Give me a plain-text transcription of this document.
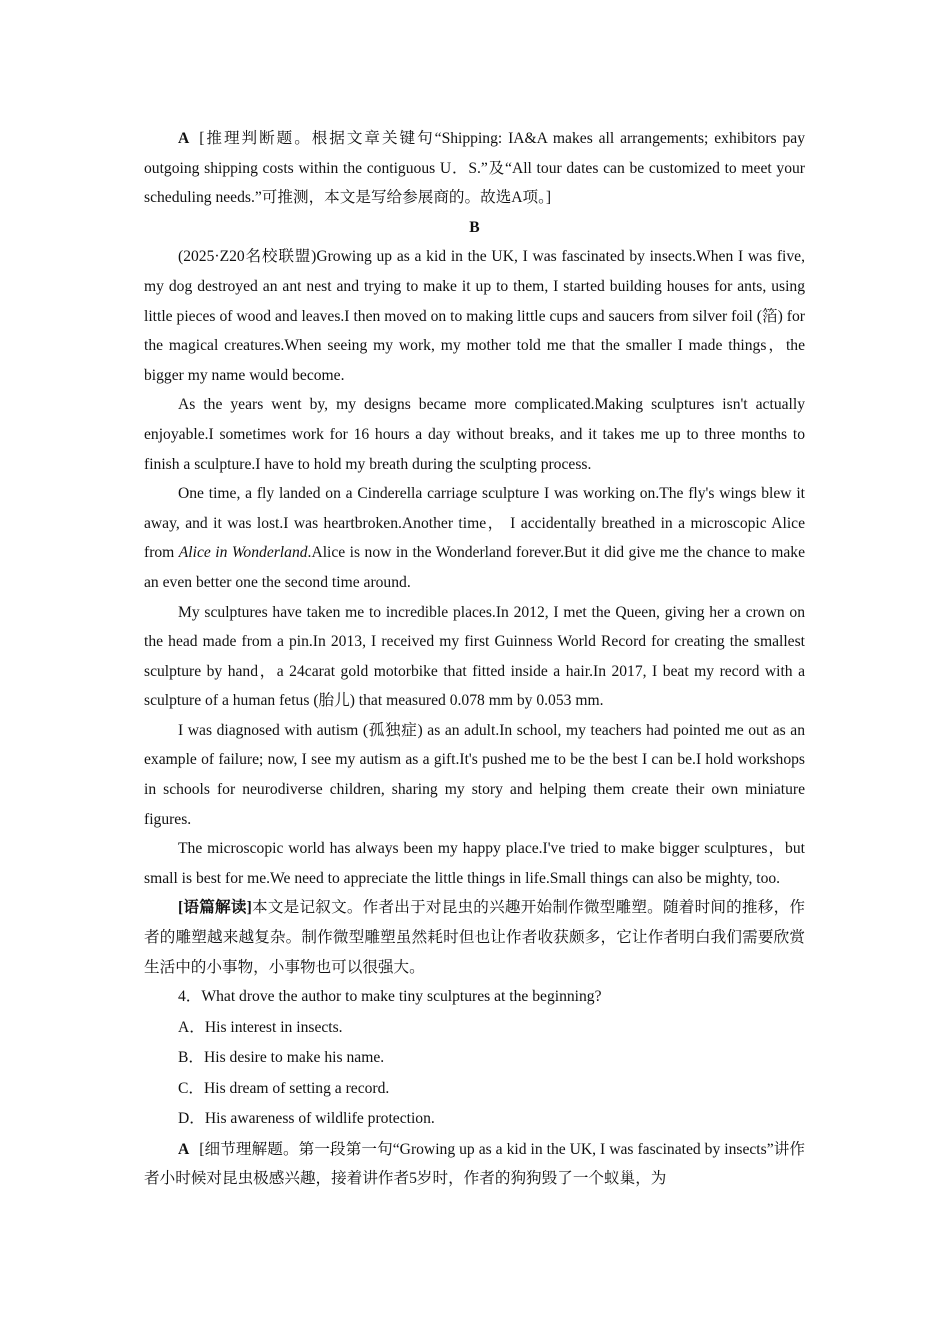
A [推理判断题。根据文章关键句“Shipping: IA&A makes all arrangements; exhibitors pay outgoing shipping costs within the contiguous U．S.”及“All tour dates can be customized to meet your scheduling needs.”可推测，本文是写给参展商的。故选A项。]

B

(2025·Z20名校联盟)Growing up as a kid in the UK, I was fascinated by insects.When I was five, my dog destroyed an ant nest and trying to make it up to them, I started building houses for ants, using little pieces of wood and leaves.I then moved on to making little cups and saucers from silver foil (箔) for the magical creatures.When seeing my work, my mother told me that the smaller I made things，the bigger my name would become.

As the years went by, my designs became more complicated.Making sculptures isn't actually enjoyable.I sometimes work for 16 hours a day without breaks, and it takes me up to three months to finish a sculpture.I have to hold my breath during the sculpting process.

One time, a fly landed on a Cinderella carriage sculpture I was working on.The fly's wings blew it away, and it was lost.I was heartbroken.Another time， I accidentally breathed in a microscopic Alice from Alice in Wonderland.Alice is now in the Wonderland forever.But it did give me the chance to make an even better one the second time around.

My sculptures have taken me to incredible places.In 2012, I met the Queen, giving her a crown on the head made from a pin.In 2013, I received my first Guinness World Record for creating the smallest sculpture by hand，a 24carat gold motorbike that fitted inside a hair.In 2017, I beat my record with a sculpture of a human fetus (胎儿) that measured 0.078 mm by 0.053 mm.

I was diagnosed with autism (孤独症) as an adult.In school, my teachers had pointed me out as an example of failure; now, I see my autism as a gift.It's pushed me to be the best I can be.I hold workshops in schools for neurodiverse children, sharing my story and helping them create their own miniature figures.

The microscopic world has always been my happy place.I've tried to make bigger sculptures，but small is best for me.We need to appreciate the little things in life.Small things can also be mighty, too.

[语篇解读]本文是记叙文。作者出于对昆虫的兴趣开始制作微型雕塑。随着时间的推移，作者的雕塑越来越复杂。制作微型雕塑虽然耗时但也让作者收获颇多，它让作者明白我们需要欣赏生活中的小事物，小事物也可以很强大。

4．What drove the author to make tiny sculptures at the beginning?

A．His interest in insects.

B．His desire to make his name.

C．His dream of setting a record.

D．His awareness of wildlife protection.

A [细节理解题。第一段第一句“Growing up as a kid in the UK, I was fascinated by insects”讲作者小时候对昆虫极感兴趣，接着讲作者5岁时，作者的狗狗毁了一个蚁巢，为
